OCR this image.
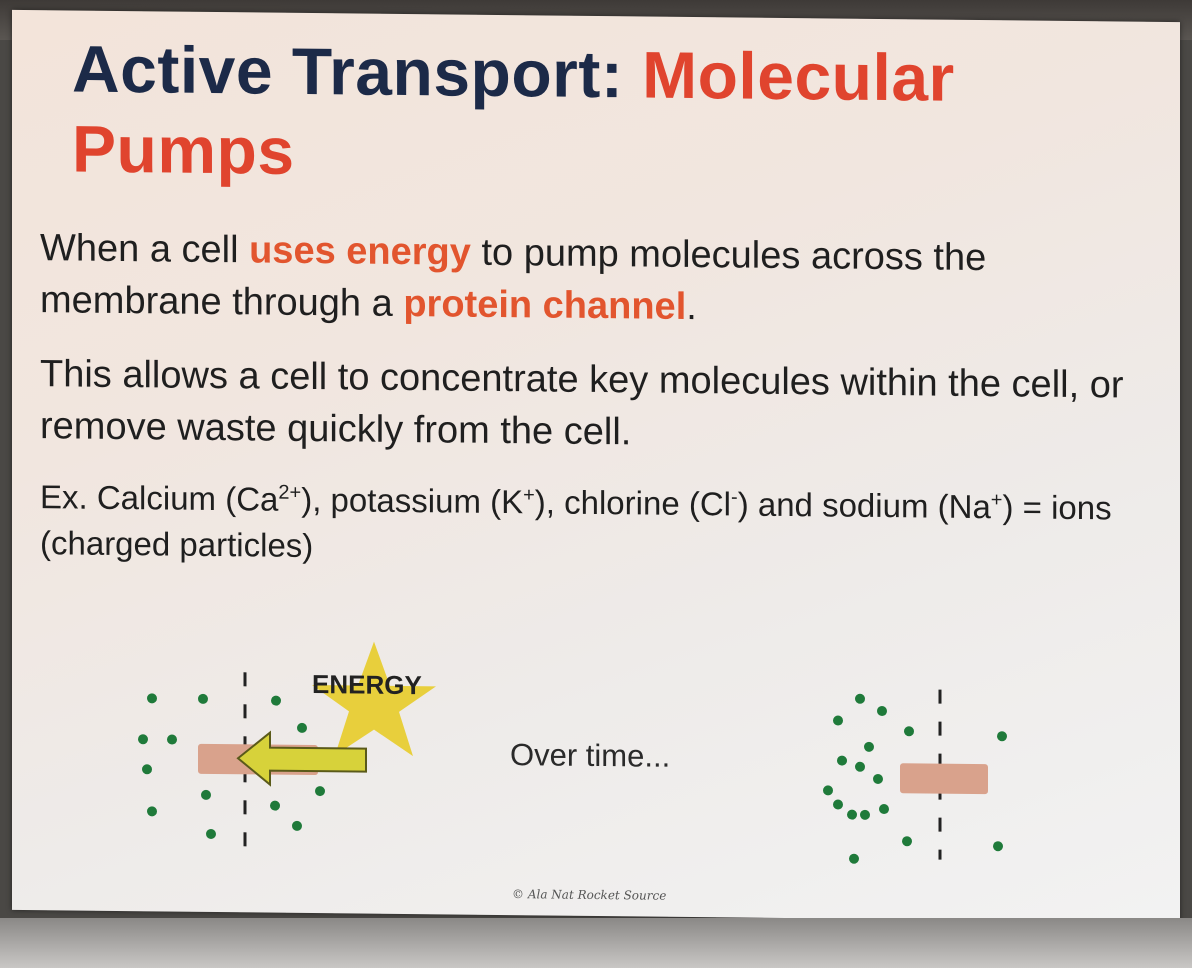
Active Transport: Molecular
Pumps
When a cell uses energy to pump molecules across the membrane through a protein channel.
This allows a cell to concentrate key molecules within the cell, or remove waste quickly from the cell.
Ex. Calcium $(Ca^{2+})$, potassium (K+), chlorine (Cl-) and sodium (Na+) = ions (charged particles)
ENERGY
Over time...
© Ala Nat Rocket Source
